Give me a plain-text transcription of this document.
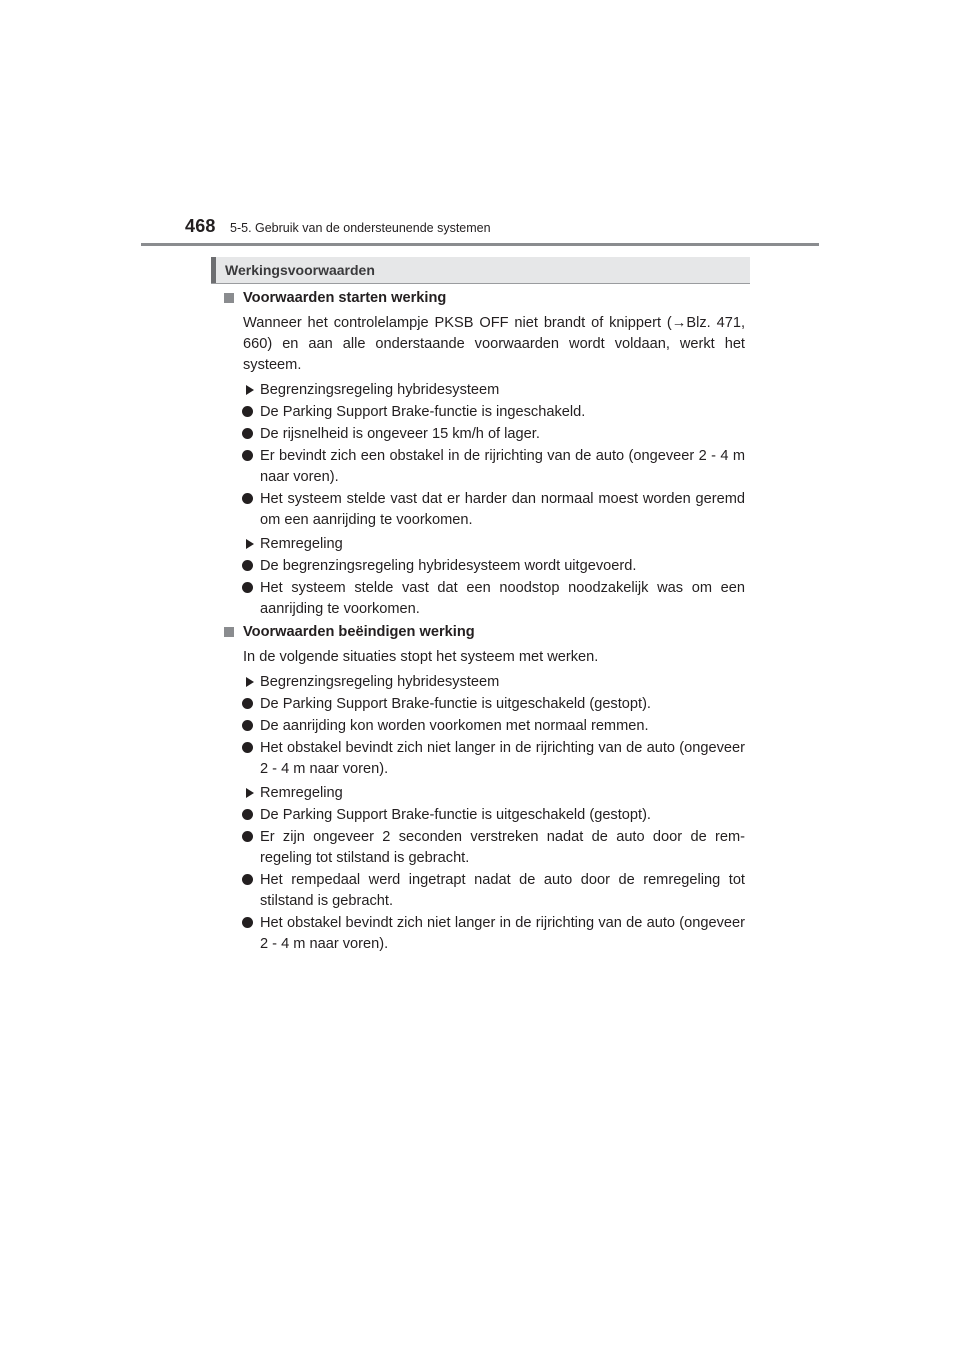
468 5-5. Gebruik van de ondersteunende systemen
Werkingsvoorwaarden
Voorwaarden starten werking

Wanneer het controlelampje PKSB OFF niet brandt of knippert (→Blz. 471, 660) en aan alle onderstaande voorwaarden wordt voldaan, werkt het systeem.

Begrenzingsregeling hybridesysteem
De Parking Support Brake-functie is ingeschakeld.
De rijsnelheid is ongeveer 15 km/h of lager.
Er bevindt zich een obstakel in de rijrichting van de auto (ongeveer 2 - 4 m naar voren).
Het systeem stelde vast dat er harder dan normaal moest worden geremd om een aanrijding te voorkomen.
Remregeling
De begrenzingsregeling hybridesysteem wordt uitgevoerd.
Het systeem stelde vast dat een noodstop noodzakelijk was om een aanrijding te voorkomen.
Voorwaarden beëindigen werking

In de volgende situaties stopt het systeem met werken.

Begrenzingsregeling hybridesysteem
De Parking Support Brake-functie is uitgeschakeld (gestopt).
De aanrijding kon worden voorkomen met normaal remmen.
Het obstakel bevindt zich niet langer in de rijrichting van de auto (ongeveer 2 - 4 m naar voren).
Remregeling
De Parking Support Brake-functie is uitgeschakeld (gestopt).
Er zijn ongeveer 2 seconden verstreken nadat de auto door de rem-regeling tot stilstand is gebracht.
Het rempedaal werd ingetrapt nadat de auto door de remregeling tot stilstand is gebracht.
Het obstakel bevindt zich niet langer in de rijrichting van de auto (ongeveer 2 - 4 m naar voren).
